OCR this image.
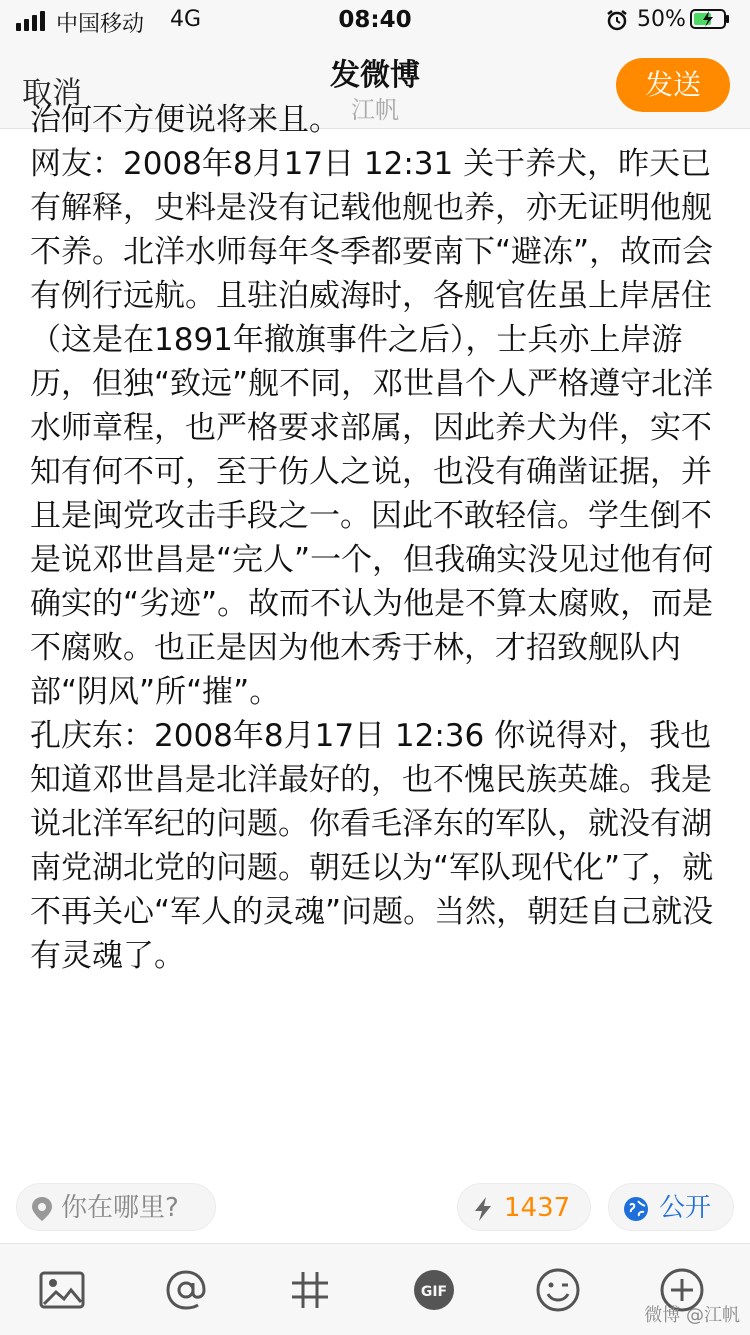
中国移动 4G	08:40	50%
取消
发微博
江帆
发送

治何不方便说将来且。

网友：2008年8月17日 12:31 关于养犬，昨天已有解释，史料是没有记载他舰也养，亦无证明他舰不养。北洋水师每年冬季都要南下“避冻”，故而会有例行远航。且驻泊威海时，各舰官佐虽上岸居住（这是在1891年撤旗事件之后），士兵亦上岸游历，但独“致远”舰不同，邓世昌个人严格遵守北洋水师章程，也严格要求部属，因此养犬为伴，实不知有何不可，至于伤人之说，也没有确凿证据，并且是闽党攻击手段之一。因此不敢轻信。学生倒不是说邓世昌是“完人”一个，但我确实没见过他有何确实的“劣迹”。故而不认为他是不算太腐败，而是不腐败。也正是因为他木秀于林，才招致舰队内部“阴风”所“摧”。

孔庆东：2008年8月17日 12:36 你说得对，我也知道邓世昌是北洋最好的，也不愧民族英雄。我是说北洋军纪的问题。你看毛泽东的军队，就没有湖南党湖北党的问题。朝廷以为“军队现代化”了，就不再关心“军人的灵魂”问题。当然，朝廷自己就没有灵魂了。

你在哪里?	1437	公开
GIF
微博 @江帆
